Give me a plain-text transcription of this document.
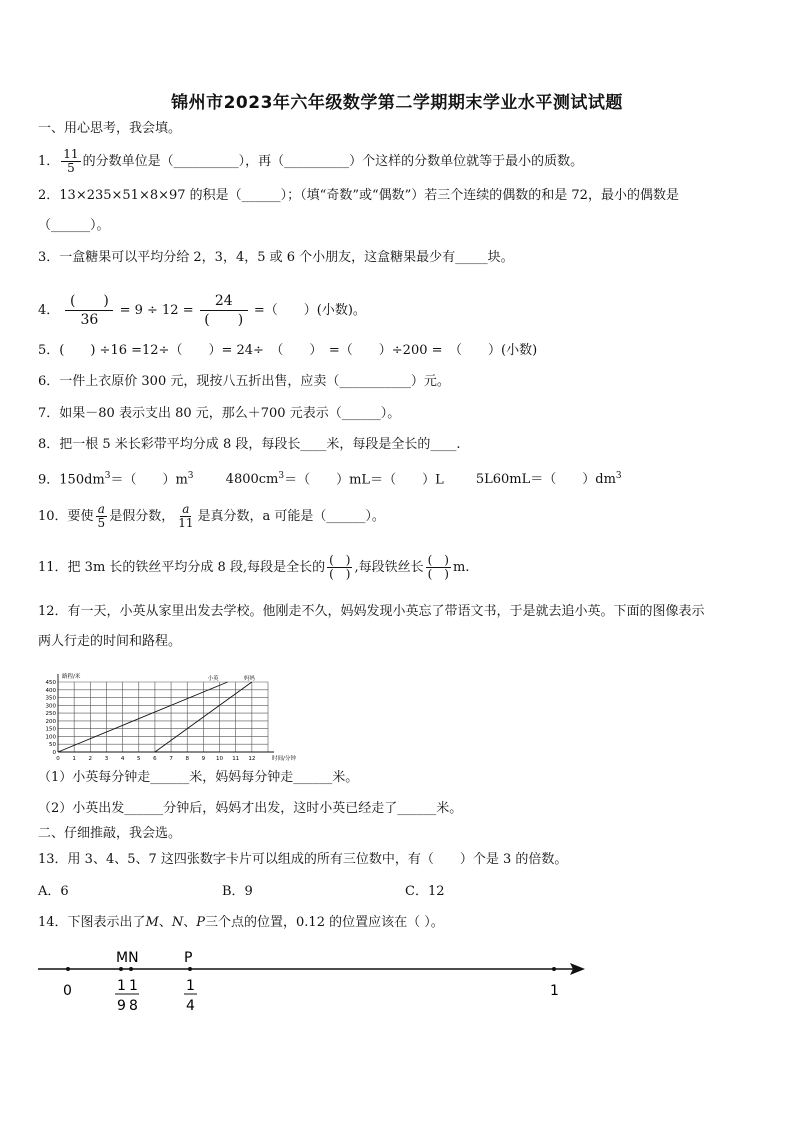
锦州市2023年六年级数学第二学期期末学业水平测试试题
一、用心思考，我会填。
1． $\frac{11}{5}$ 的分数单位是（__________），再（__________）个这样的分数单位就等于最小的质数。
2．13×235×51×8×97 的积是（______）；（填“奇数”或“偶数”）若三个连续的偶数的和是 72，最小的偶数是
（______）。
3．一盒糖果可以平均分给 2，3，4，5 或 6 个小朋友，这盒糖果最少有_____块。
4． $\frac{( )}{36} = 9 \div 12 = \frac{24}{( )}$ =（　　）(小数)。
5．(　　) ÷16 =12÷（　　）= 24÷　（　　）　=（　　）÷200 =　（　　）(小数)
6．一件上衣原价 300 元，现按八五折出售，应卖（___________）元。
7．如果－80 表示支出 80 元，那么＋700 元表示（______）。
8．把一根 5 米长彩带平均分成 8 段，每段长____米，每段是全长的____.
9．$150dm^3=$（　　）$m^3$ $4800cm^3=$（　　）mL＝（　　）L 5L60mL＝（　　）$dm^3$
10．要使 $\frac{a}{5}$ 是假分数， $\frac{a}{11}$ 是真分数，a 可能是（______）。
11．把 3m 长的铁丝平均分成 8 段,每段是全长的 $\frac{( )}{( )}$ ,每段铁丝长 $\frac{( )}{( )} m$.
12．有一天，小英从家里出发去学校。他刚走不久，妈妈发现小英忘了带语文书，于是就去追小英。下面的图像表示
两人行走的时间和路程。
0 1 2 3 4 5 6 7 8 9 10 11 12
0
50
100
150
200
250
300
350
400
450
路程/米
时间/分钟
小英	妈妈
（1）小英每分钟走______米，妈妈每分钟走______米。
（2）小英出发______分钟后，妈妈才出发，这时小英已经走了______米。
二、仔细推敲，我会选。
13．用 3、4、5、7 这四张数字卡片可以组成的所有三位数中，有（　　）个是 3 的倍数。
A．6	B．9	C．12
14．下图表示出了M、N、P三个点的位置，0.12 的位置应该在（ ）。
MN	P
0	1
1
9
1
8
1
4
